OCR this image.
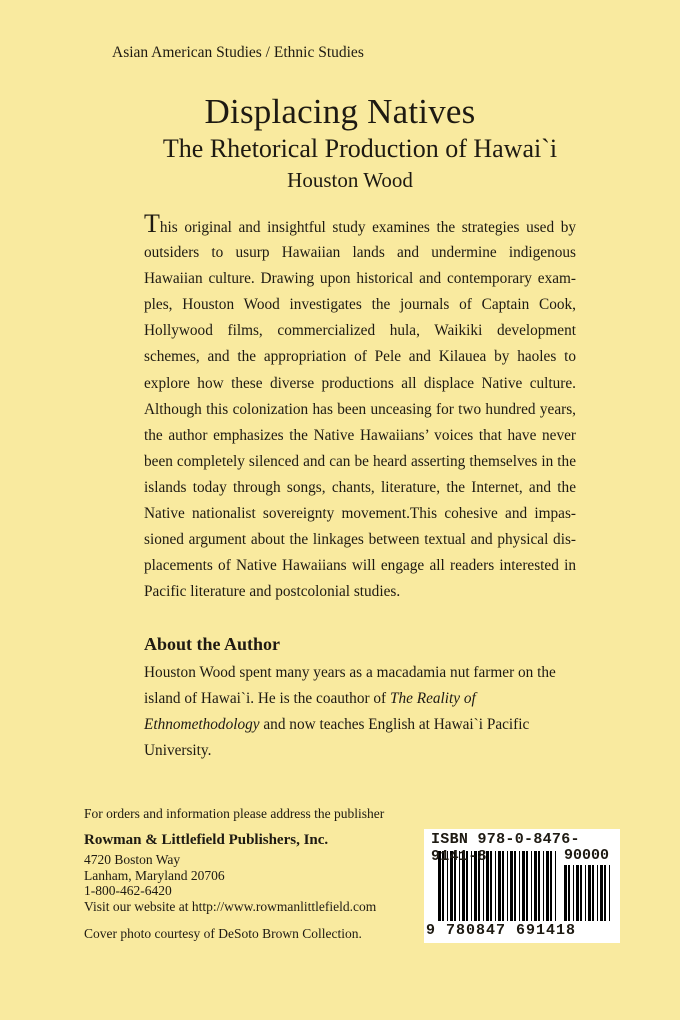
Asian American Studies / Ethnic Studies
Displacing Natives
The Rhetorical Production of Hawai`i
Houston Wood
This original and insightful study examines the strategies used by
outsiders to usurp Hawaiian lands and undermine indigenous
Hawaiian culture. Drawing upon historical and contemporary exam-
ples, Houston Wood investigates the journals of Captain Cook,
Hollywood films, commercialized hula, Waikiki development
schemes, and the appropriation of Pele and Kilauea by haoles to
explore how these diverse productions all displace Native culture.
Although this colonization has been unceasing for two hundred years,
the author emphasizes the Native Hawaiians’ voices that have never
been completely silenced and can be heard asserting themselves in the
islands today through songs, chants, literature, the Internet, and the
Native nationalist sovereignty movement.This cohesive and impas-
sioned argument about the linkages between textual and physical dis-
placements of Native Hawaiians will engage all readers interested in
Pacific literature and postcolonial studies.
About the Author
Houston Wood spent many years as a macadamia nut farmer on the
island of Hawai`i. He is the coauthor of The Reality of
Ethnomethodology and now teaches English at Hawai`i Pacific
University.
For orders and information please address the publisher
Rowman & Littlefield Publishers, Inc.
4720 Boston Way
Lanham, Maryland 20706
1-800-462-6420
Visit our website at http://www.rowmanlittlefield.com
Cover photo courtesy of DeSoto Brown Collection.
ISBN 978-0-8476-9141-8	90000
9 780847 691418
